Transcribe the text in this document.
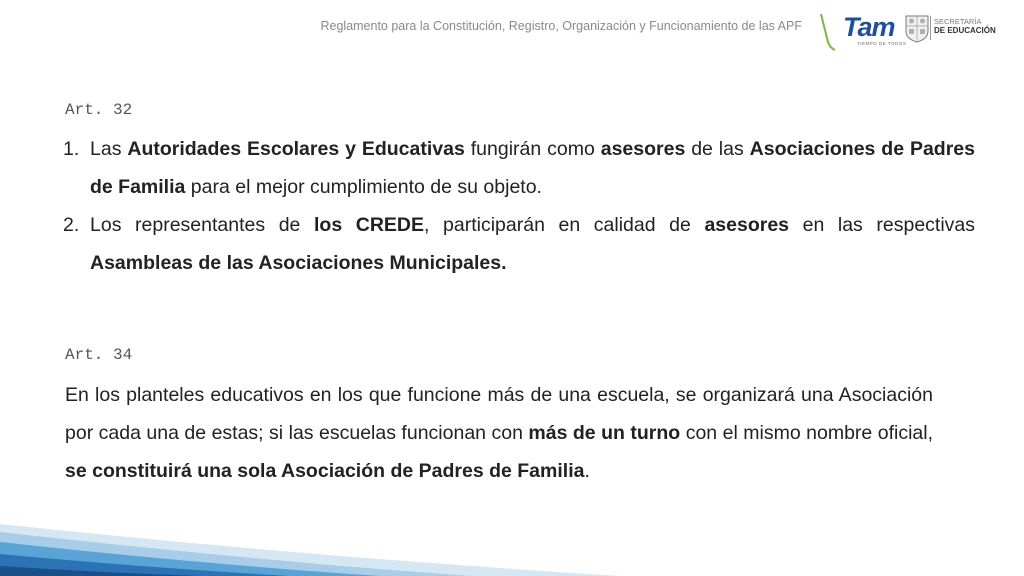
Reglamento para la Constitución, Registro, Organización y Funcionamiento de las APF Tam
TIEMPO DE TODOS
SECRETARÍA
DE EDUCACIÓN
Art. 32
1. Las Autoridades Escolares y Educativas fungirán como asesores de las Asociaciones de Padres de Familia para el mejor cumplimiento de su objeto.
2. Los representantes de los CREDE, participarán en calidad de asesores en las respectivas Asambleas de las Asociaciones Municipales.
Art. 34

En los planteles educativos en los que funcione más de una escuela, se organizará una Asociación por cada una de estas; si las escuelas funcionan con más de un turno con el mismo nombre oficial, se constituirá una sola Asociación de Padres de Familia.
